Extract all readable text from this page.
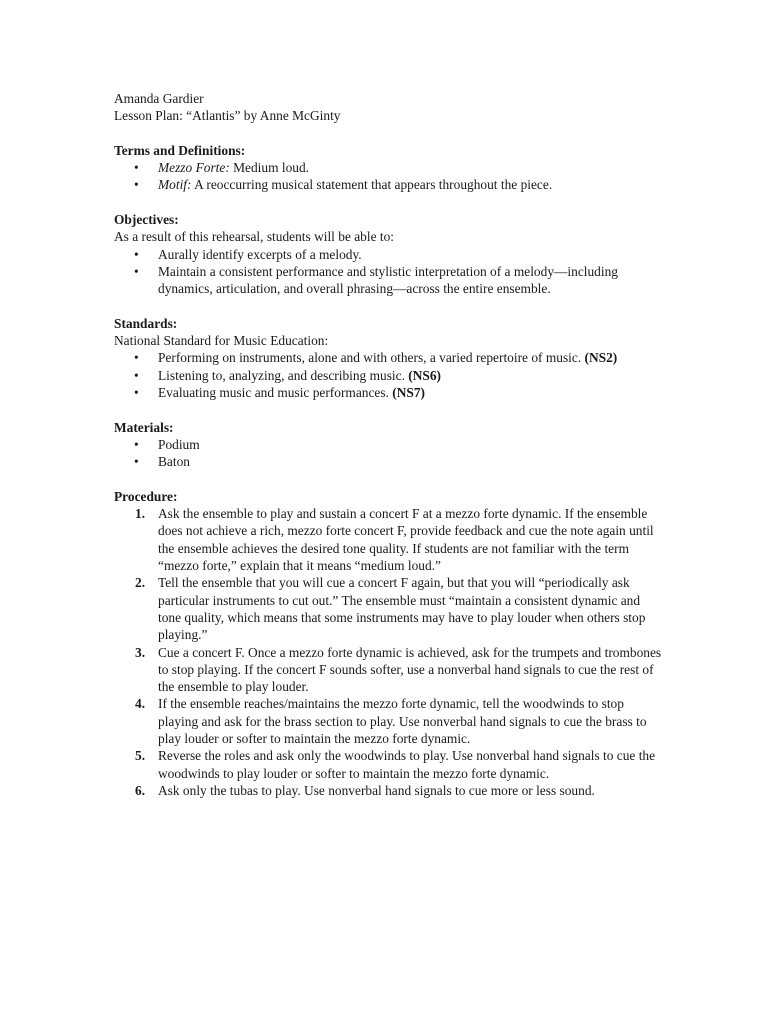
Amanda Gardier
Lesson Plan: “Atlantis” by Anne McGinty
Terms and Definitions:
• Mezzo Forte: Medium loud.
• Motif: A reoccurring musical statement that appears throughout the piece.
Objectives:
As a result of this rehearsal, students will be able to:
• Aurally identify excerpts of a melody.
• Maintain a consistent performance and stylistic interpretation of a melody—including dynamics, articulation, and overall phrasing—across the entire ensemble.
Standards:
National Standard for Music Education:
• Performing on instruments, alone and with others, a varied repertoire of music. (NS2)
• Listening to, analyzing, and describing music. (NS6)
• Evaluating music and music performances. (NS7)
Materials:
• Podium
• Baton
Procedure:
1. Ask the ensemble to play and sustain a concert F at a mezzo forte dynamic. If the ensemble does not achieve a rich, mezzo forte concert F, provide feedback and cue the note again until the ensemble achieves the desired tone quality. If students are not familiar with the term “mezzo forte,” explain that it means “medium loud.”
2. Tell the ensemble that you will cue a concert F again, but that you will “periodically ask particular instruments to cut out.” The ensemble must “maintain a consistent dynamic and tone quality, which means that some instruments may have to play louder when others stop playing.”
3. Cue a concert F. Once a mezzo forte dynamic is achieved, ask for the trumpets and trombones to stop playing. If the concert F sounds softer, use a nonverbal hand signals to cue the rest of the ensemble to play louder.
4. If the ensemble reaches/maintains the mezzo forte dynamic, tell the woodwinds to stop playing and ask for the brass section to play. Use nonverbal hand signals to cue the brass to play louder or softer to maintain the mezzo forte dynamic.
5. Reverse the roles and ask only the woodwinds to play. Use nonverbal hand signals to cue the woodwinds to play louder or softer to maintain the mezzo forte dynamic.
6. Ask only the tubas to play. Use nonverbal hand signals to cue more or less sound.
